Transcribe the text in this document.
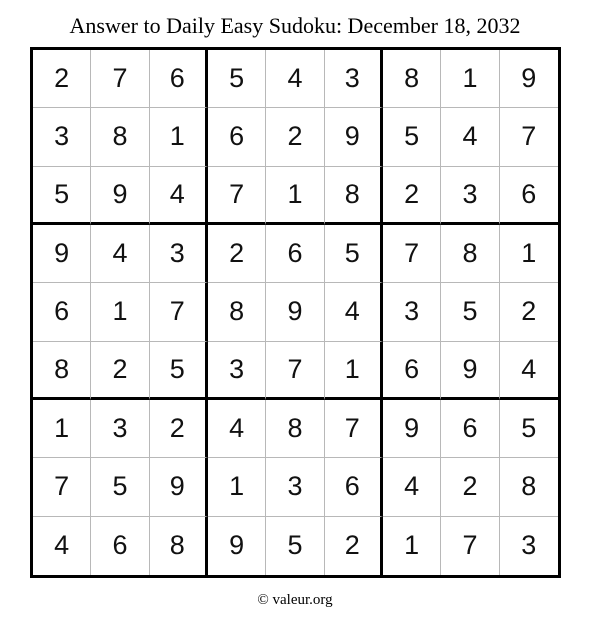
Answer to Daily Easy Sudoku: December 18, 2032
2	7	6	5	4	3	8	1	9
3	8	1	6	2	9	5	4	7
5	9	4	7	1	8	2	3	6
9	4	3	2	6	5	7	8	1
6	1	7	8	9	4	3	5	2
8	2	5	3	7	1	6	9	4
1	3	2	4	8	7	9	6	5
7	5	9	1	3	6	4	2	8
4	6	8	9	5	2	1	7	3
© valeur.org
